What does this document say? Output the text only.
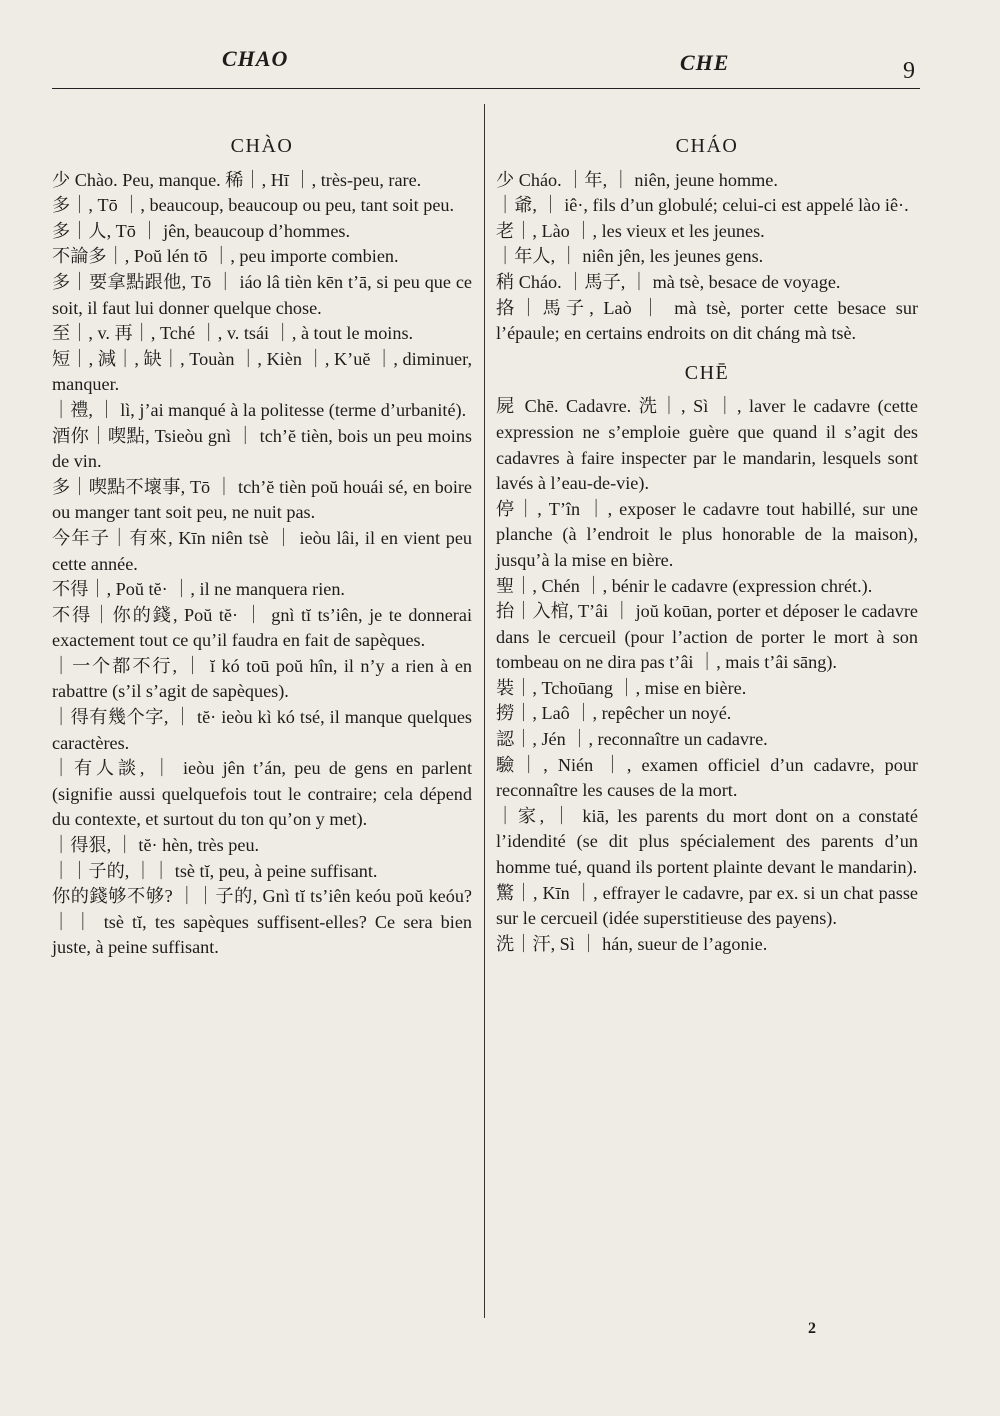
CHAO	CHE	9
CHÀO

少 Chào. Peu, manque. 稀｜, Hī ｜, très-peu, rare.

多｜, Tō ｜, beaucoup, beaucoup ou peu, tant soit peu.

多｜人, Tō ｜ jên, beaucoup d’hommes.

不論多｜, Poŭ lén tō ｜, peu importe combien.

多｜要拿點跟他, Tō ｜ iáo lâ tièn kēn t’ā, si peu que ce soit, il faut lui donner quelque chose.

至｜, v. 再｜, Tché ｜, v. tsái ｜, à tout le moins.

短｜, 減｜, 缺｜, Touàn ｜, Kièn ｜, K’uĕ ｜, diminuer, manquer.

｜禮, ｜ lì, j’ai manqué à la politesse (terme d’urbanité).

酒你｜喫點, Tsieòu gnì ｜ tch’ĕ tièn, bois un peu moins de vin.

多｜喫點不壞事, Tō ｜ tch’ĕ tièn poŭ houái sé, en boire ou manger tant soit peu, ne nuit pas.

今年子｜有來, Kīn niên tsè ｜ ieòu lâi, il en vient peu cette année.

不得｜, Poŭ tĕ· ｜, il ne manquera rien.

不得｜你的錢, Poŭ tĕ· ｜ gnì tĭ ts’iên, je te donnerai exactement tout ce qu’il faudra en fait de sapèques.

｜一个都不行, ｜ ĭ kó toū poŭ hîn, il n’y a rien à en rabattre (s’il s’agit de sapèques).

｜得有幾个字, ｜ tĕ· ieòu kì kó tsé, il manque quelques caractères.

｜有人談, ｜ ieòu jên t’án, peu de gens en parlent (signifie aussi quelquefois tout le contraire; cela dépend du contexte, et surtout du ton qu’on y met).

｜得狠, ｜ tĕ· hèn, très peu.

｜｜子的, ｜｜ tsè tĭ, peu, à peine suffisant.

你的錢够不够? ｜｜子的, Gnì tĭ ts’iên keóu poŭ keóu? ｜｜ tsè tĭ, tes sapèques suffisent-elles? Ce sera bien juste, à peine suffisant.

CHÁO

少 Cháo. ｜年, ｜ niên, jeune homme.

｜爺, ｜ iê·, fils d’un globulé; celui-ci est appelé lào iê·.

老｜, Lào ｜, les vieux et les jeunes.

｜年人, ｜ niên jên, les jeunes gens.

稍 Cháo. ｜馬子, ｜ mà tsè, besace de voyage.

挌｜馬子, Laò ｜ mà tsè, porter cette besace sur l’épaule; en certains endroits on dit cháng mà tsè.

CHĒ

屍 Chē. Cadavre. 洗｜, Sì ｜, laver le cadavre (cette expression ne s’emploie guère que quand il s’agit des cadavres à faire inspecter par le mandarin, lesquels sont lavés à l’eau-de-vie).

停｜, T’în ｜, exposer le cadavre tout habillé, sur une planche (à l’endroit le plus honorable de la maison), jusqu’à la mise en bière.

聖｜, Chén ｜, bénir le cadavre (expression chrét.).

抬｜入棺, T’âi ｜ joŭ koūan, porter et déposer le cadavre dans le cercueil (pour l’action de porter le mort à son tombeau on ne dira pas t’âi ｜, mais t’âi sāng).

裝｜, Tchoūang ｜, mise en bière.

撈｜, Laô ｜, repêcher un noyé.

認｜, Jén ｜, reconnaître un cadavre.

驗｜, Nién ｜, examen officiel d’un cadavre, pour reconnaître les causes de la mort.

｜家, ｜ kiā, les parents du mort dont on a constaté l’idendité (se dit plus spécialement des parents d’un homme tué, quand ils portent plainte devant le mandarin).

驚｜, Kīn ｜, effrayer le cadavre, par ex. si un chat passe sur le cercueil (idée superstitieuse des payens).

洗｜汗, Sì ｜ hán, sueur de l’agonie.

2
